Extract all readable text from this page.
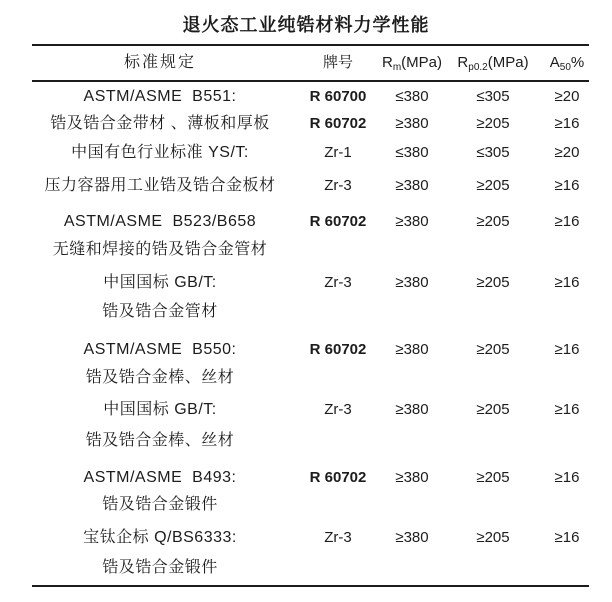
退火态工业纯锆材料力学性能
标准规定	牌号	$R_m(MPa)$	$R_{p0.2}(MPa)$	$A_{50}\%$
ASTM/ASME  B551:	R 60700	≤380	≤305	≥20
锆及锆合金带材 、薄板和厚板	R 60702	≥380	≥205	≥16
中国有色行业标准 YS/T:	Zr-1	≤380	≤305	≥20
压力容器用工业锆及锆合金板材	Zr-3	≥380	≥205	≥16
ASTM/ASME  B523/B658	R 60702	≥380	≥205	≥16
无缝和焊接的锆及锆合金管材
中国国标 GB/T:	Zr-3	≥380	≥205	≥16
锆及锆合金管材
ASTM/ASME  B550:	R 60702	≥380	≥205	≥16
锆及锆合金棒、丝材
中国国标 GB/T:	Zr-3	≥380	≥205	≥16
锆及锆合金棒、丝材
ASTM/ASME  B493:	R 60702	≥380	≥205	≥16
锆及锆合金锻件
宝钛企标 Q/BS6333:	Zr-3	≥380	≥205	≥16
锆及锆合金锻件
